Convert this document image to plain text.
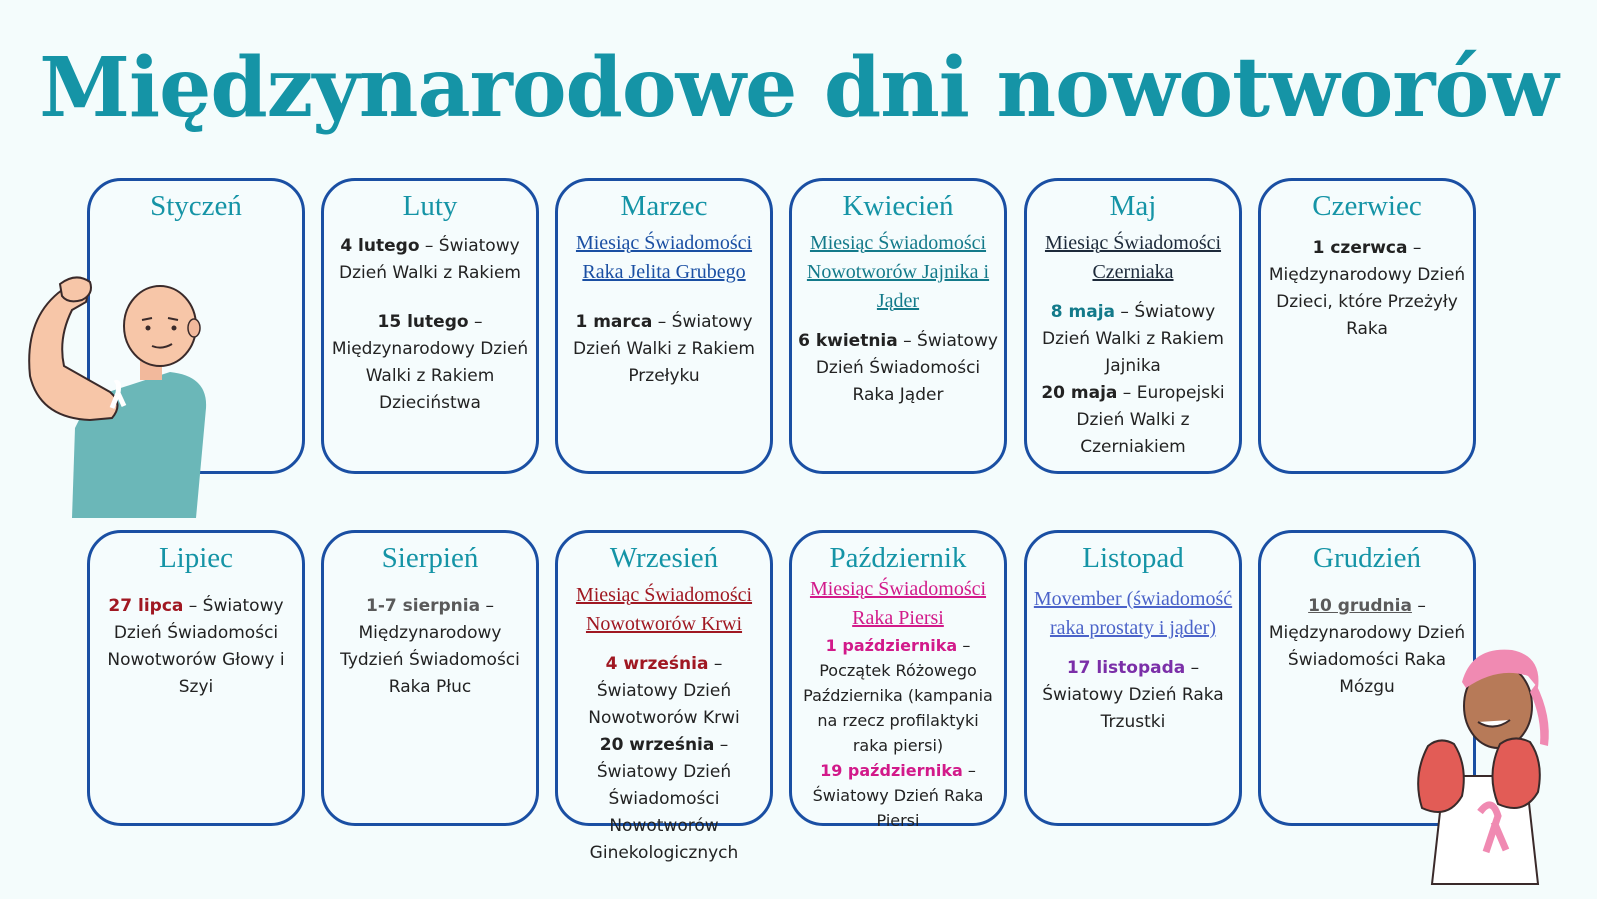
Międzynarodowe dni nowotworów
Styczeń	Luty
4 lutego – Światowy Dzień Walki z Rakiem
15 lutego – Międzynarodowy Dzień Walki z Rakiem Dzieciństwa
Marzec
Miesiąc Świadomości Raka Jelita Grubego
1 marca – Światowy Dzień Walki z Rakiem Przełyku
Kwiecień
Miesiąc Świadomości Nowotworów Jajnika i Jąder
6 kwietnia – Światowy Dzień Świadomości Raka Jąder
Maj
Miesiąc Świadomości Czerniaka
8 maja – Światowy Dzień Walki z Rakiem Jajnika
20 maja – Europejski Dzień Walki z Czerniakiem
Czerwiec
1 czerwca – Międzynarodowy Dzień Dzieci, które Przeżyły Raka
Lipiec
27 lipca – Światowy Dzień Świadomości Nowotworów Głowy i Szyi
Sierpień
1-7 sierpnia – Międzynarodowy Tydzień Świadomości Raka Płuc
Wrzesień
Miesiąc Świadomości Nowotworów Krwi
4 września – Światowy Dzień Nowotworów Krwi
20 września – Światowy Dzień Świadomości Nowotworów Ginekologicznych
Październik
Miesiąc Świadomości Raka Piersi
1 października – Początek Różowego Października (kampania na rzecz profilaktyki raka piersi)
19 października – Światowy Dzień Raka Piersi
Listopad
Movember (świadomość raka prostaty i jąder)
17 listopada – Światowy Dzień Raka Trzustki
Grudzień
10 grudnia – Międzynarodowy Dzień Świadomości Raka Mózgu
